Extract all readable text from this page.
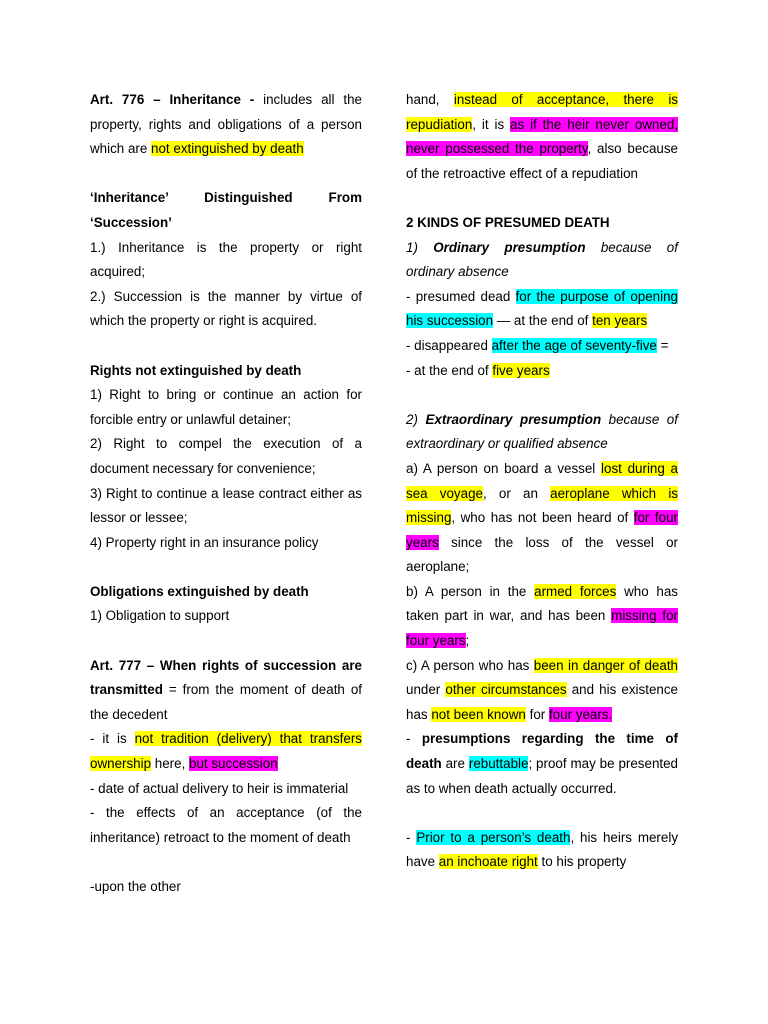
Art. 776 – Inheritance - includes all the property, rights and obligations of a person which are not extinguished by death

‘Inheritance’ Distinguished From

‘Succession’

1.) Inheritance is the property or right acquired;

2.) Succession is the manner by virtue of which the property or right is acquired.

Rights not extinguished by death

1) Right to bring or continue an action for forcible entry or unlawful detainer;

2) Right to compel the execution of a document necessary for convenience;

3) Right to continue a lease contract either as lessor or lessee;

4) Property right in an insurance policy

Obligations extinguished by death

1) Obligation to support

Art. 777 – When rights of succession are transmitted = from the moment of death of the decedent

- it is not tradition (delivery) that transfers ownership here, but succession

- date of actual delivery to heir is immaterial

- the effects of an acceptance (of the inheritance) retroact to the moment of death

-upon the other

hand, instead of acceptance, there is repudiation, it is as if the heir never owned, never possessed the property, also because of the retroactive effect of a repudiation

2 KINDS OF PRESUMED DEATH

1) Ordinary presumption because of ordinary absence

- presumed dead for the purpose of opening his succession — at the end of ten years

- disappeared after the age of seventy-five =

- at the end of five years

2) Extraordinary presumption because of extraordinary or qualified absence

a) A person on board a vessel lost during a sea voyage, or an aeroplane which is missing, who has not been heard of for four years since the loss of the vessel or aeroplane;

b) A person in the armed forces who has taken part in war, and has been missing for four years;

c) A person who has been in danger of death under other circumstances and his existence has not been known for four years.

- presumptions regarding the time of death are rebuttable; proof may be presented as to when death actually occurred.

- Prior to a person’s death, his heirs merely have an inchoate right to his property
